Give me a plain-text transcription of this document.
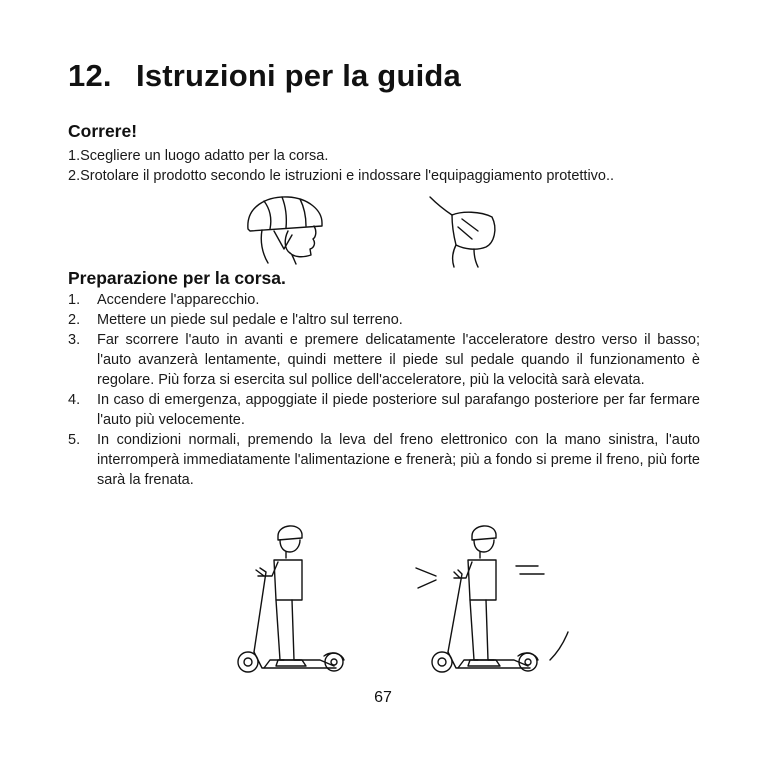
12. Istruzioni per la guida
Correre!

1.Scegliere un luogo adatto per la corsa.

2.Srotolare il prodotto secondo le istruzioni e indossare l'equipaggiamento protettivo..

Preparazione per la corsa.
1. Accendere l'apparecchio.
2. Mettere un piede sul pedale e l'altro sul terreno.
3. Far scorrere l'auto in avanti e premere delicatamente l'acceleratore destro verso il basso; l'auto avanzerà lentamente, quindi mettere il piede sul pedale quando il funzionamento è regolare. Più forza si esercita sul pollice dell'acceleratore, più la velocità sarà elevata.
4. In caso di emergenza, appoggiate il piede posteriore sul parafango posteriore per far fermare l'auto più velocemente.
5. In condizioni normali, premendo la leva del freno elettronico con la mano sinistra, l'auto interromperà immediatamente l'alimentazione e frenerà; più a fondo si preme il freno, più forte sarà la frenata.

67
